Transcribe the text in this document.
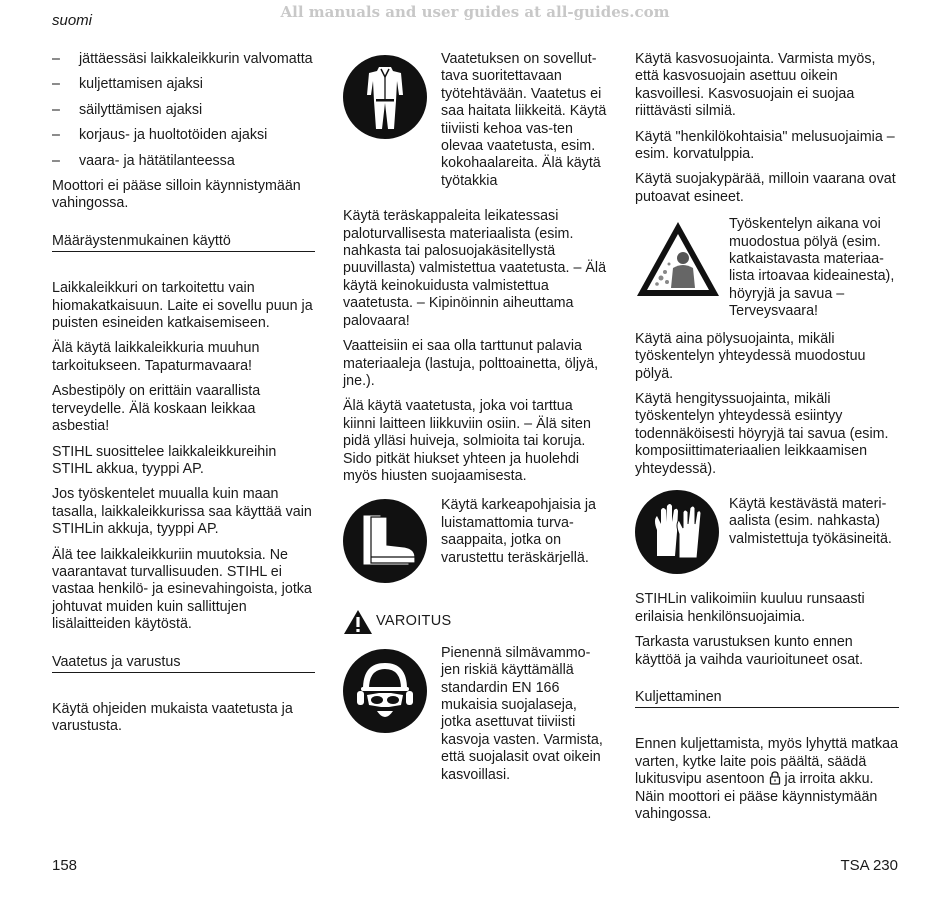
suomi	All manuals and user guides at all-guides.com
– jättäessäsi laikkaleikkurin valvomatta
– kuljettamisen ajaksi
– säilyttämisen ajaksi
– korjaus- ja huoltotöiden ajaksi
– vaara- ja hätätilanteessa

Moottori ei pääse silloin käynnistymään vahingossa.

Määräystenmukainen käyttö

Laikkaleikkuri on tarkoitettu vain hiomakatkaisuun. Laite ei sovellu puun ja puisten esineiden katkaisemiseen.

Älä käytä laikkaleikkuria muuhun tarkoitukseen. Tapaturmavaara!

Asbestipöly on erittäin vaarallista terveydelle. Älä koskaan leikkaa asbestia!

STIHL suosittelee laikkaleikkureihin STIHL akkua, tyyppi AP.

Jos työskentelet muualla kuin maan tasalla, laikkaleikkurissa saa käyttää vain STIHLin akkuja, tyyppi AP.

Älä tee laikkaleikkuriin muutoksia. Ne vaarantavat turvallisuuden. STIHL ei vastaa henkilö- ja esinevahingoista, jotka johtuvat muiden kuin sallittujen lisälaitteiden käytöstä.

Vaatetus ja varustus

Käytä ohjeiden mukaista vaatetusta ja varustusta.

Vaatetuksen on sovellut-tava suoritettavaan työtehtävään. Vaatetus ei saa haitata liikkeitä. Käytä tiiviisti kehoa vas-ten olevaa vaatetusta, esim. kokohaalareita. Älä käytä työtakkia

Käytä teräskappaleita leikatessasi paloturvallisesta materiaalista (esim. nahkasta tai palosuojakäsitellystä puuvillasta) valmistettua vaatetusta. – Älä käytä keinokuidusta valmistettua vaatetusta. – Kipinöinnin aiheuttama palovaara!

Vaatteisiin ei saa olla tarttunut palavia materiaaleja (lastuja, polttoainetta, öljyä, jne.).

Älä käytä vaatetusta, joka voi tarttua kiinni laitteen liikkuviin osiin. – Älä siten pidä ylläsi huiveja, solmioita tai koruja. Sido pitkät hiukset yhteen ja huolehdi myös hiusten suojaamisesta.

Käytä karkeapohjaisia ja luistamattomia turva-saappaita, jotka on varustettu teräskärjellä.
VAROITUS
Pienennä silmävammo-jen riskiä käyttämällä standardin EN 166 mukaisia suojalaseja, jotka asettuvat tiiviisti kasvoja vasten. Varmista, että suojalasit ovat oikein kasvoillasi.

Käytä kasvosuojainta. Varmista myös, että kasvosuojain asettuu oikein kasvoillesi. Kasvosuojain ei suojaa riittävästi silmiä.

Käytä "henkilökohtaisia" melusuojaimia – esim. korvatulppia.

Käytä suojakypärää, milloin vaarana ovat putoavat esineet.

Työskentelyn aikana voi muodostua pölyä (esim. katkaistavasta materiaa-lista irtoavaa kideainesta), höyryjä ja savua – Terveysvaara!

Käytä aina pölysuojainta, mikäli työskentelyn yhteydessä muodostuu pölyä.

Käytä hengityssuojainta, mikäli työskentelyn yhteydessä esiintyy todennäköisesti höyryjä tai savua (esim. komposiittimateriaalien leikkaamisen yhteydessä).

Käytä kestävästä materi-aalista (esim. nahkasta) valmistettuja työkäsineitä.

STIHLin valikoimiin kuuluu runsaasti erilaisia henkilönsuojaimia.

Tarkasta varustuksen kunto ennen käyttöä ja vaihda vaurioituneet osat.

Kuljettaminen

Ennen kuljettamista, myös lyhyttä matkaa varten, kytke laite pois päältä, säädä lukitusvipu asentoon  ja irroita akku. Näin moottori ei pääse käynnistymään vahingossa.

158	TSA 230
